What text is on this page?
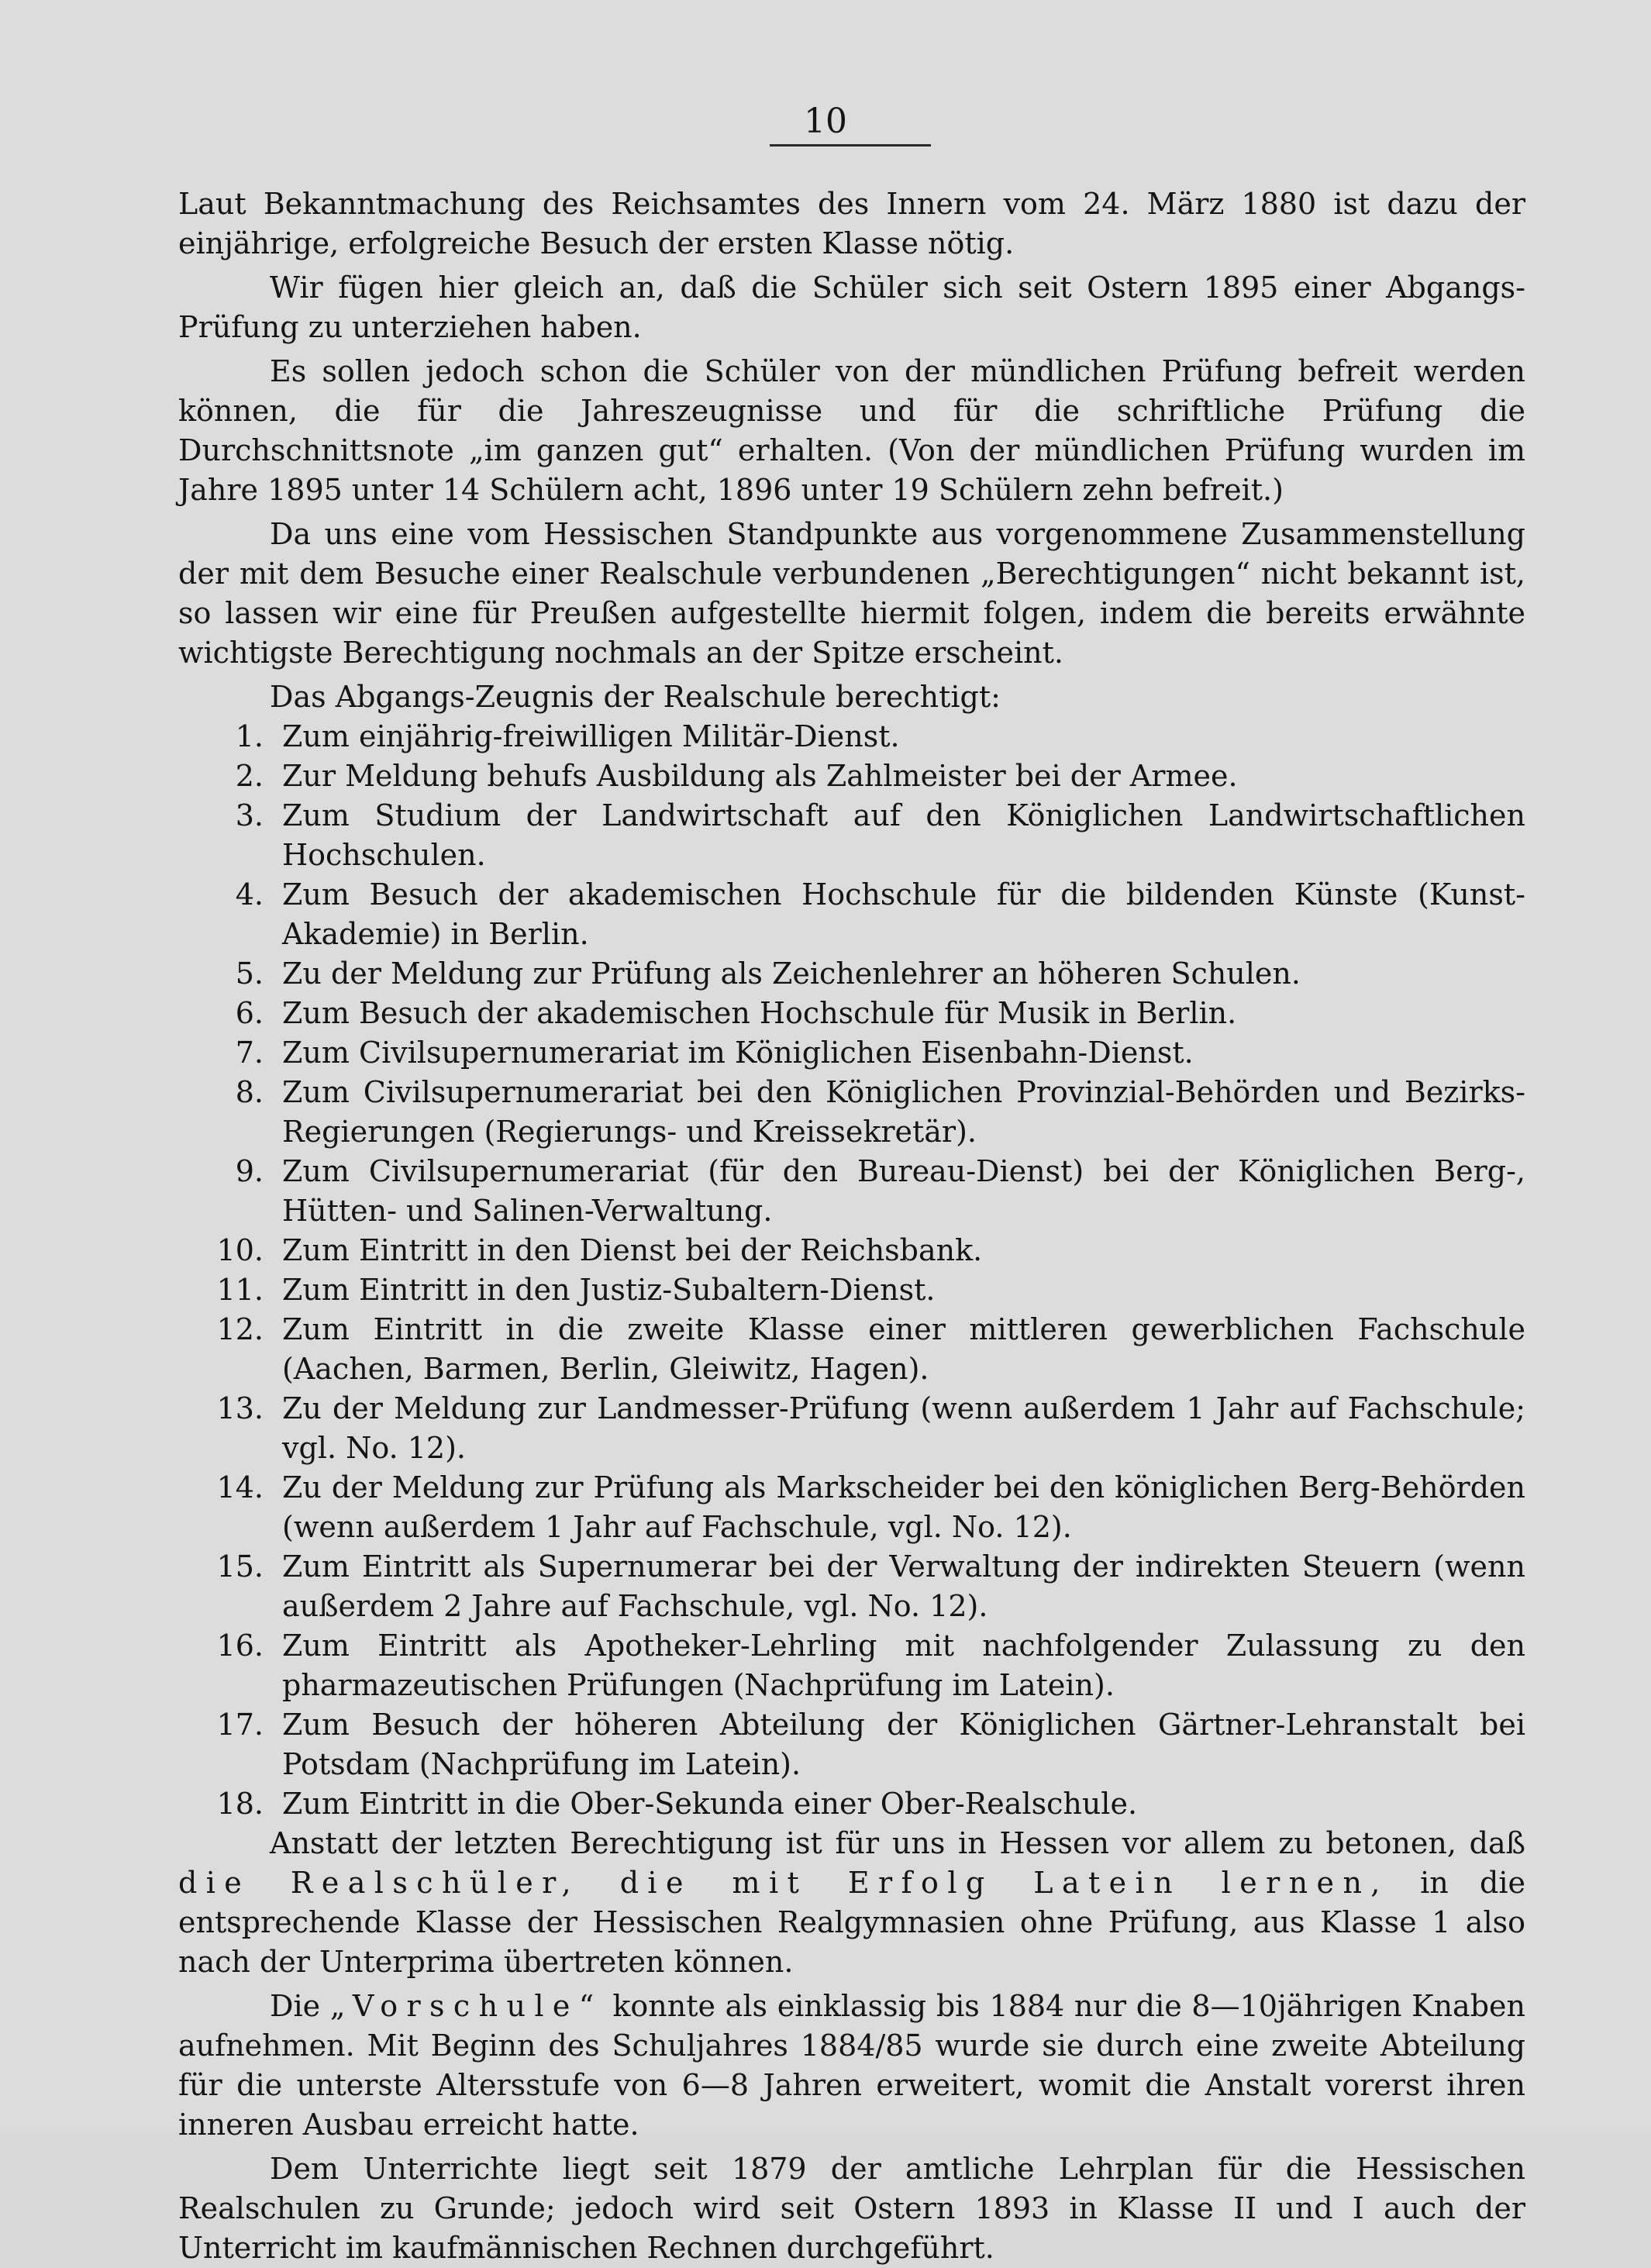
10

Laut Bekanntmachung des Reichsamtes des Innern vom 24. März 1880 ist dazu der einjährige, erfolgreiche Besuch der ersten Klasse nötig.

Wir fügen hier gleich an, daß die Schüler sich seit Ostern 1895 einer Abgangs-Prüfung zu unterziehen haben.

Es sollen jedoch schon die Schüler von der mündlichen Prüfung befreit werden können, die für die Jahreszeugnisse und für die schriftliche Prüfung die Durchschnittsnote „im ganzen gut“ erhalten. (Von der mündlichen Prüfung wurden im Jahre 1895 unter 14 Schülern acht, 1896 unter 19 Schülern zehn befreit.)

Da uns eine vom Hessischen Standpunkte aus vorgenommene Zusammenstellung der mit dem Besuche einer Realschule verbundenen „Berechtigungen“ nicht bekannt ist, so lassen wir eine für Preußen aufgestellte hiermit folgen, indem die bereits erwähnte wichtigste Berechtigung nochmals an der Spitze erscheint.

Das Abgangs-Zeugnis der Realschule berechtigt:

1. Zum einjährig-freiwilligen Militär-Dienst.
2. Zur Meldung behufs Ausbildung als Zahlmeister bei der Armee.
3. Zum Studium der Landwirtschaft auf den Königlichen Landwirtschaftlichen Hochschulen.
4. Zum Besuch der akademischen Hochschule für die bildenden Künste (Kunst-Akademie) in Berlin.
5. Zu der Meldung zur Prüfung als Zeichenlehrer an höheren Schulen.
6. Zum Besuch der akademischen Hochschule für Musik in Berlin.
7. Zum Civilsupernumerariat im Königlichen Eisenbahn-Dienst.
8. Zum Civilsupernumerariat bei den Königlichen Provinzial-Behörden und Bezirks-Regierungen (Regierungs- und Kreissekretär).
9. Zum Civilsupernumerariat (für den Bureau-Dienst) bei der Königlichen Berg-, Hütten- und Salinen-Verwaltung.
10. Zum Eintritt in den Dienst bei der Reichsbank.
11. Zum Eintritt in den Justiz-Subaltern-Dienst.
12. Zum Eintritt in die zweite Klasse einer mittleren gewerblichen Fachschule (Aachen, Barmen, Berlin, Gleiwitz, Hagen).
13. Zu der Meldung zur Landmesser-Prüfung (wenn außerdem 1 Jahr auf Fachschule; vgl. No. 12).
14. Zu der Meldung zur Prüfung als Markscheider bei den königlichen Berg-Behörden (wenn außerdem 1 Jahr auf Fachschule, vgl. No. 12).
15. Zum Eintritt als Supernumerar bei der Verwaltung der indirekten Steuern (wenn außerdem 2 Jahre auf Fachschule, vgl. No. 12).
16. Zum Eintritt als Apotheker-Lehrling mit nachfolgender Zulassung zu den pharmazeutischen Prüfungen (Nachprüfung im Latein).
17. Zum Besuch der höheren Abteilung der Königlichen Gärtner-Lehranstalt bei Potsdam (Nachprüfung im Latein).
18. Zum Eintritt in die Ober-Sekunda einer Ober-Realschule.

Anstatt der letzten Berechtigung ist für uns in Hessen vor allem zu betonen, daß die Realschüler, die mit Erfolg Latein lernen, in die entsprechende Klasse der Hessischen Realgymnasien ohne Prüfung, aus Klasse 1 also nach der Unterprima übertreten können.

Die „Vorschule“ konnte als einklassig bis 1884 nur die 8—10jährigen Knaben aufnehmen. Mit Beginn des Schuljahres 1884/85 wurde sie durch eine zweite Abteilung für die unterste Altersstufe von 6—8 Jahren erweitert, womit die Anstalt vorerst ihren inneren Ausbau erreicht hatte.

Dem Unterrichte liegt seit 1879 der amtliche Lehrplan für die Hessischen Realschulen zu Grunde; jedoch wird seit Ostern 1893 in Klasse II und I auch der Unterricht im kaufmännischen Rechnen durchgeführt.
